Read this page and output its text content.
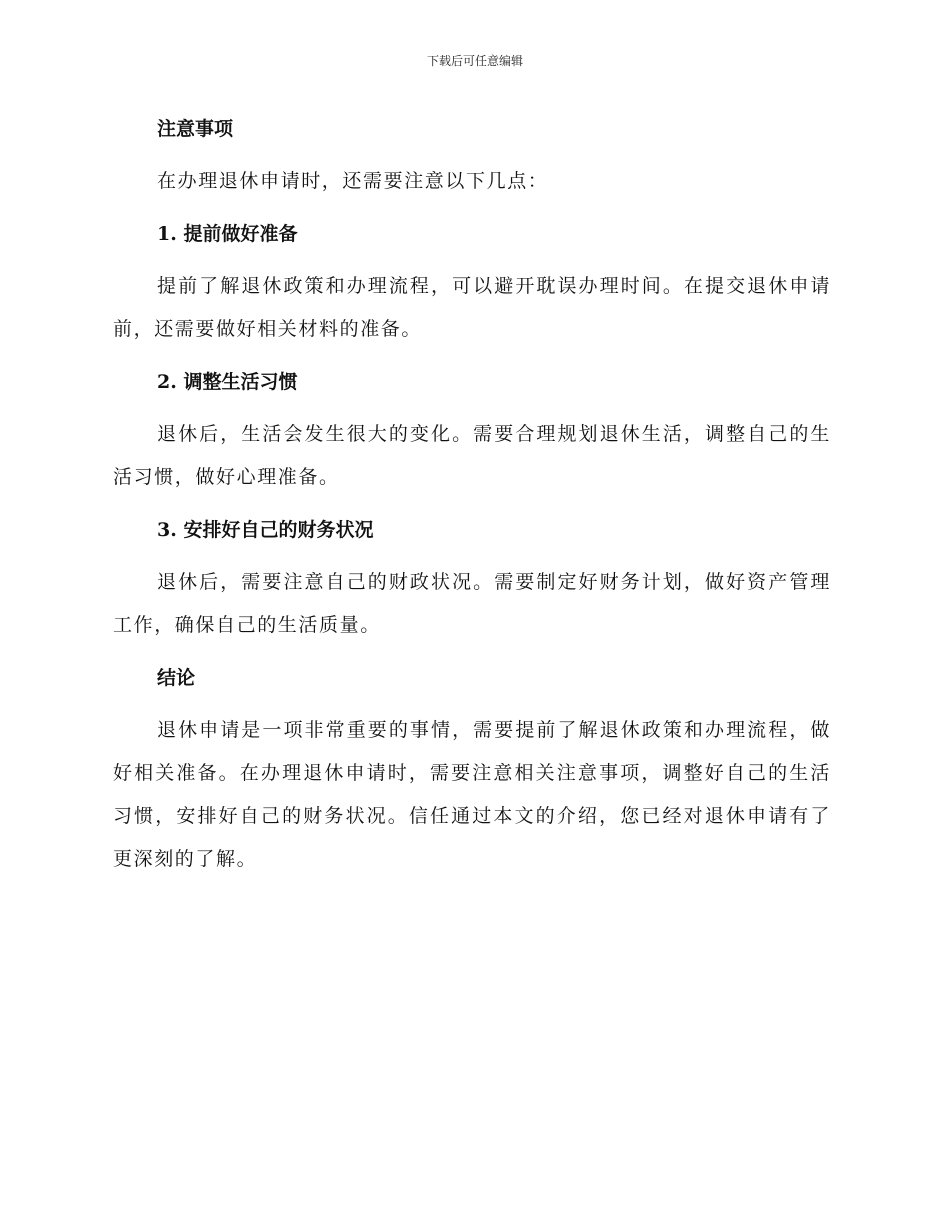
下载后可任意编辑
注意事项

在办理退休申请时，还需要注意以下几点：

1. 提前做好准备

提前了解退休政策和办理流程，可以避开耽误办理时间。在提交退休申请前，还需要做好相关材料的准备。

2. 调整生活习惯

退休后，生活会发生很大的变化。需要合理规划退休生活，调整自己的生活习惯，做好心理准备。

3. 安排好自己的财务状况

退休后，需要注意自己的财政状况。需要制定好财务计划，做好资产管理工作，确保自己的生活质量。

结论

退休申请是一项非常重要的事情，需要提前了解退休政策和办理流程，做好相关准备。在办理退休申请时，需要注意相关注意事项，调整好自己的生活习惯，安排好自己的财务状况。信任通过本文的介绍，您已经对退休申请有了更深刻的了解。
